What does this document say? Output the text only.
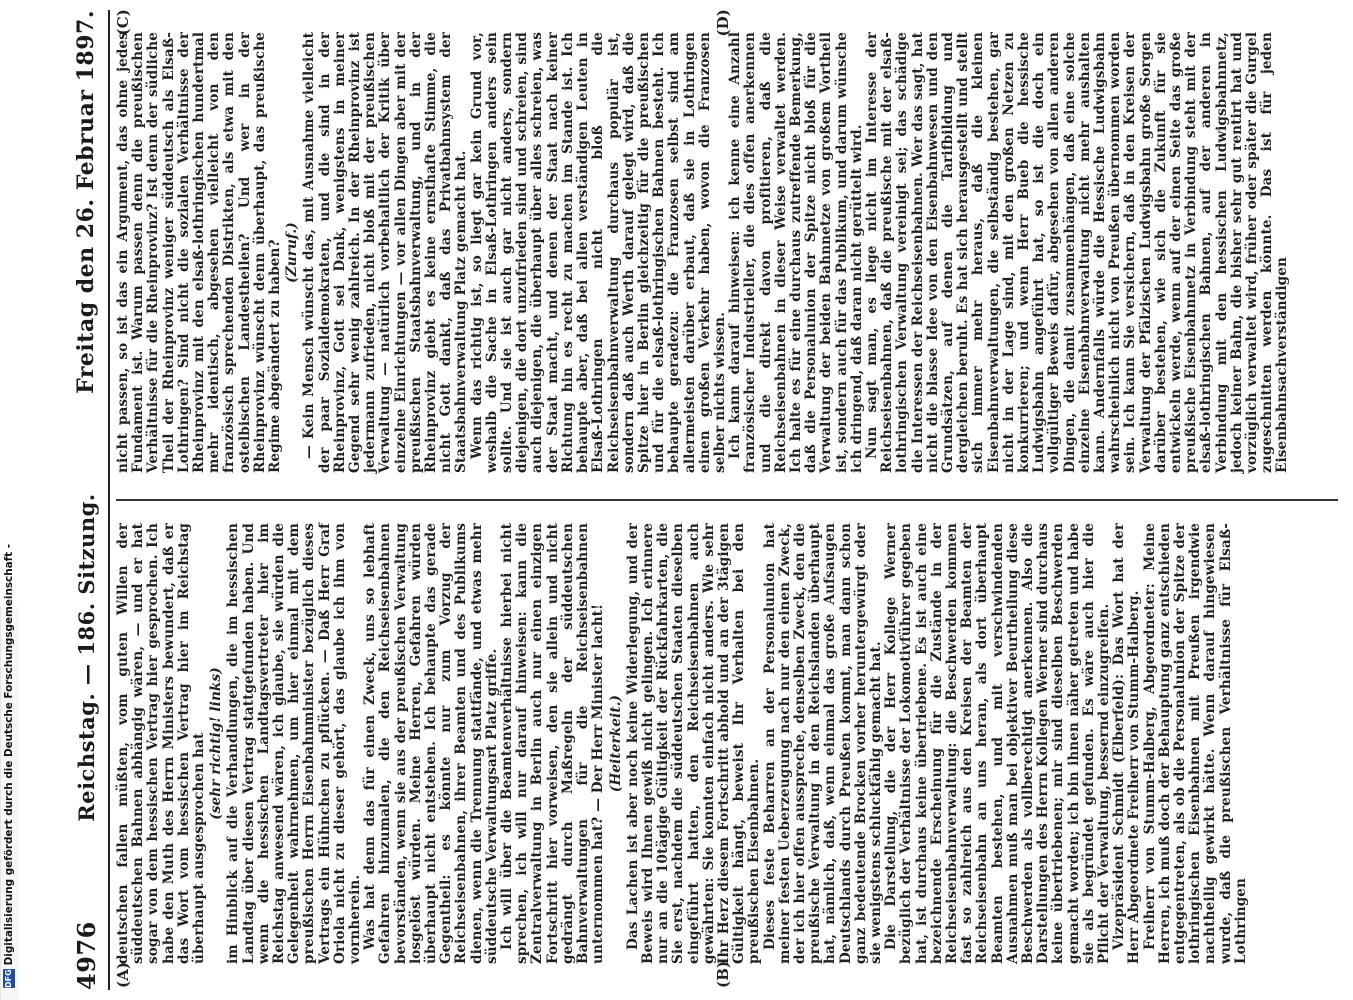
4976
Reichstag. — 186. Sitzung.
Freitag den 26. Februar 1897.
(A)	(B)

deutschen fallen müßten, vom guten Willen der süddeutschen Bahnen abhängig wären, — und er hat sogar von dem hessischen Vertrag hier gesprochen. Ich habe den Muth des Herrn Ministers bewundert, daß er das Wort vom hessischen Vertrag hier im Reichstag überhaupt ausgesprochen hat (sehr richtig! links) im Hinblick auf die Verhandlungen, die im hessischen Landtag über diesen Vertrag stattgefunden haben. Und wenn die hessischen Landtagsvertreter hier im Reichstag anwesend wären, ich glaube, sie würden die Gelegenheit wahrnehmen, um hier einmal mit dem preußischen Herrn Eisenbahnminister bezüglich dieses Vertrags ein Hühnchen zu pflücken. — Daß Herr Graf Oriola nicht zu dieser gehört, das glaube ich ihm von vornherein. Was hat denn das für einen Zweck, uns so lebhaft Gefahren hinzumalen, die den Reichseisenbahnen bevorständen, wenn sie aus der preußischen Verwaltung losgelöst würden. Meine Herren, Gefahren würden überhaupt nicht entstehen. Ich behaupte das gerade Gegentheil: es könnte nur zum Vorzug der Reichseisenbahnen, ihrer Beamten und des Publikums dienen, wenn die Trennung stattfände, und etwas mehr süddeutsche Verwaltungsart Platz griffe. Ich will über die Beamtenverhältnisse hierbei nicht sprechen, ich will nur darauf hinweisen: kann die Zentralverwaltung in Berlin auch nur einen einzigen Fortschritt hier vorweisen, den sie allein und nicht gedrängt durch Maßregeln der süddeutschen Bahnverwaltungen für die Reichseisenbahnen unternommen hat? — Der Herr Minister lacht! (Heiterkeit.) Das Lachen ist aber noch keine Widerlegung, und der Beweis wird Ihnen gewiß nicht gelingen. Ich erinnere nur an die 10tägige Gültigkeit der Rückfahrkarten, die Sie erst, nachdem die süddeutschen Staaten dieselben eingeführt hatten, den Reichseisenbahnen auch gewährten: Sie konnten einfach nicht anders. Wie sehr Ihr Herz diesem Fortschritt abhold und an der 3tägigen Gültigkeit hängt, beweist Ihr Verhalten bei den preußischen Eisenbahnen. Dieses feste Beharren an der Personalunion hat meiner festen Ueberzeugung nach nur den einen Zweck, der ich hier offen ausspreche, denselben Zweck, den die preußische Verwaltung in den Reichslanden überhaupt hat, nämlich, daß, wenn einmal das große Aufsaugen Deutschlands durch Preußen kommt, man dann schon ganz bedeutende Brocken vorher heruntergewürgt oder sie wenigstens schluckfähig gemacht hat. Die Darstellung, die der Herr Kollege Werner bezüglich der Verhältnisse der Lokomotivführer gegeben hat, ist durchaus keine übertriebene. Es ist auch eine bezeichnende Erscheinung für die Zustände in der Reichseisenbahnverwaltung: die Beschwerden kommen fast so zahlreich aus den Kreisen der Beamten der Reichseisenbahn an uns heran, als dort überhaupt Beamten bestehen, und mit verschwindenden Ausnahmen muß man bei objektiver Beurtheilung diese Beschwerden als vollberechtigt anerkennen. Also die Darstellungen des Herrn Kollegen Werner sind durchaus keine übertriebenen; mir sind dieselben Beschwerden gemacht worden; ich bin ihnen näher getreten und habe sie als begründet gefunden. Es wäre auch hier die Pflicht der Verwaltung, bessernd einzugreifen. Vizepräsident Schmidt (Elberfeld): Das Wort hat der Herr Abgeordnete Freiherr von Stumm-Halberg. Freiherr von Stumm-Halberg, Abgeordneter: Meine Herren, ich muß doch der Behauptung ganz entschieden entgegentreten, als ob die Personalunion der Spitze der lothringischen Eisenbahnen mit Preußen irgendwie nachtheilig gewirkt hätte. Wenn darauf hingewiesen wurde, daß die preußischen Verhältnisse für Elsaß-Lothringen

(C)	(D)

nicht passen, so ist das ein Argument, das ohne jedes Fundament ist. Warum passen denn die preußischen Verhältnisse für die Rheinprovinz? Ist denn der südliche Theil der Rheinprovinz weniger süddeutsch als Elsaß-Lothringen? Sind nicht die sozialen Verhältnisse der Rheinprovinz mit den elsaß-lothringischen hundertmal mehr identisch, abgesehen vielleicht von den französisch sprechenden Distrikten, als etwa mit den ostelbischen Landestheilen? Und wer in der Rheinprovinz wünscht denn überhaupt, das preußische Regime abgeändert zu haben? (Zuruf.) — Kein Mensch wünscht das, mit Ausnahme vielleicht der paar Sozialdemokraten, und die sind in der Rheinprovinz, Gott sei Dank, wenigstens in meiner Gegend sehr wenig zahlreich. In der Rheinprovinz ist jedermann zufrieden, nicht bloß mit der preußischen Verwaltung — natürlich vorbehaltlich der Kritik über einzelne Einrichtungen — vor allen Dingen aber mit der preußischen Staatsbahnverwaltung, und in der Rheinprovinz giebt es keine ernsthafte Stimme, die nicht Gott dankt, daß das Privatbahnsystem der Staatsbahnverwaltung Platz gemacht hat. Wenn das richtig ist, so liegt gar kein Grund vor, weshalb die Sache in Elsaß-Lothringen anders sein sollte. Und sie ist auch gar nicht anders, sondern diejenigen, die dort unzufrieden sind und schreien, sind auch diejenigen, die überhaupt über alles schreien, was der Staat macht, und denen der Staat nach keiner Richtung hin es recht zu machen im Stande ist. Ich behaupte aber, daß bei allen verständigen Leuten in Elsaß-Lothringen nicht bloß die Reichseisenbahnverwaltung durchaus populär ist, sondern daß auch Werth darauf gelegt wird, daß die Spitze hier in Berlin gleichzeitig für die preußischen und für die elsaß-lothringischen Bahnen besteht. Ich behaupte geradezu: die Franzosen selbst sind am allermeisten darüber erbaut, daß sie in Lothringen einen großen Verkehr haben, wovon die Franzosen selber nichts wissen. Ich kann darauf hinweisen: ich kenne eine Anzahl französischer Industrieller, die dies offen anerkennen und die direkt davon profitieren, daß die Reichseisenbahnen in dieser Weise verwaltet werden. Ich halte es für eine durchaus zutreffende Bemerkung, daß die Personalunion der Spitze nicht bloß für die Verwaltung der beiden Bahnnetze von großem Vortheil ist, sondern auch für das Publikum, und darum wünsche ich dringend, daß daran nicht gerüttelt wird. Nun sagt man, es liege nicht im Interesse der Reichseisenbahnen, daß die preußische mit der elsaß-lothringischen Verwaltung vereinigt sei; das schädige die Interessen der Reichseisenbahnen. Wer das sagt, hat nicht die blasse Idee von den Eisenbahnwesen und den Grundsätzen, auf denen die Tarifbildung und dergleichen beruht. Es hat sich herausgestellt und stellt sich immer mehr heraus, daß die kleinen Eisenbahnverwaltungen, die selbständig bestehen, gar nicht in der Lage sind, mit den großen Netzen zu konkurrieren; und wenn Herr Bueb die hessische Ludwigsbahn angeführt hat, so ist die doch ein vollgültiger Beweis dafür, abgesehen von allen anderen Dingen, die damit zusammenhängen, daß eine solche einzelne Eisenbahnverwaltung nicht mehr aushalten kann. Andernfalls würde die Hessische Ludwigsbahn wahrscheinlich nicht von Preußen übernommen worden sein. Ich kann Sie versichern, daß in den Kreisen der Verwaltung der Pfälzischen Ludwigsbahn große Sorgen darüber bestehen, wie sich die Zukunft für sie entwickeln werde, wenn auf der einen Seite das große preußische Eisenbahnnetz in Verbindung steht mit der elsaß-lothringischen Bahnen, auf der anderen in Verbindung mit den hessischen Ludwigsbahnnetz, jedoch keiner Bahn, die bisher sehr gut rentirt hat und vorzüglich verwaltet wird, früher oder später die Gurgel zugeschnitten werden könnte. Das ist für jeden Eisenbahnsachverständigen

DFG
Digitalisierung gefördert durch die Deutsche Forschungsgemeinschaft -
